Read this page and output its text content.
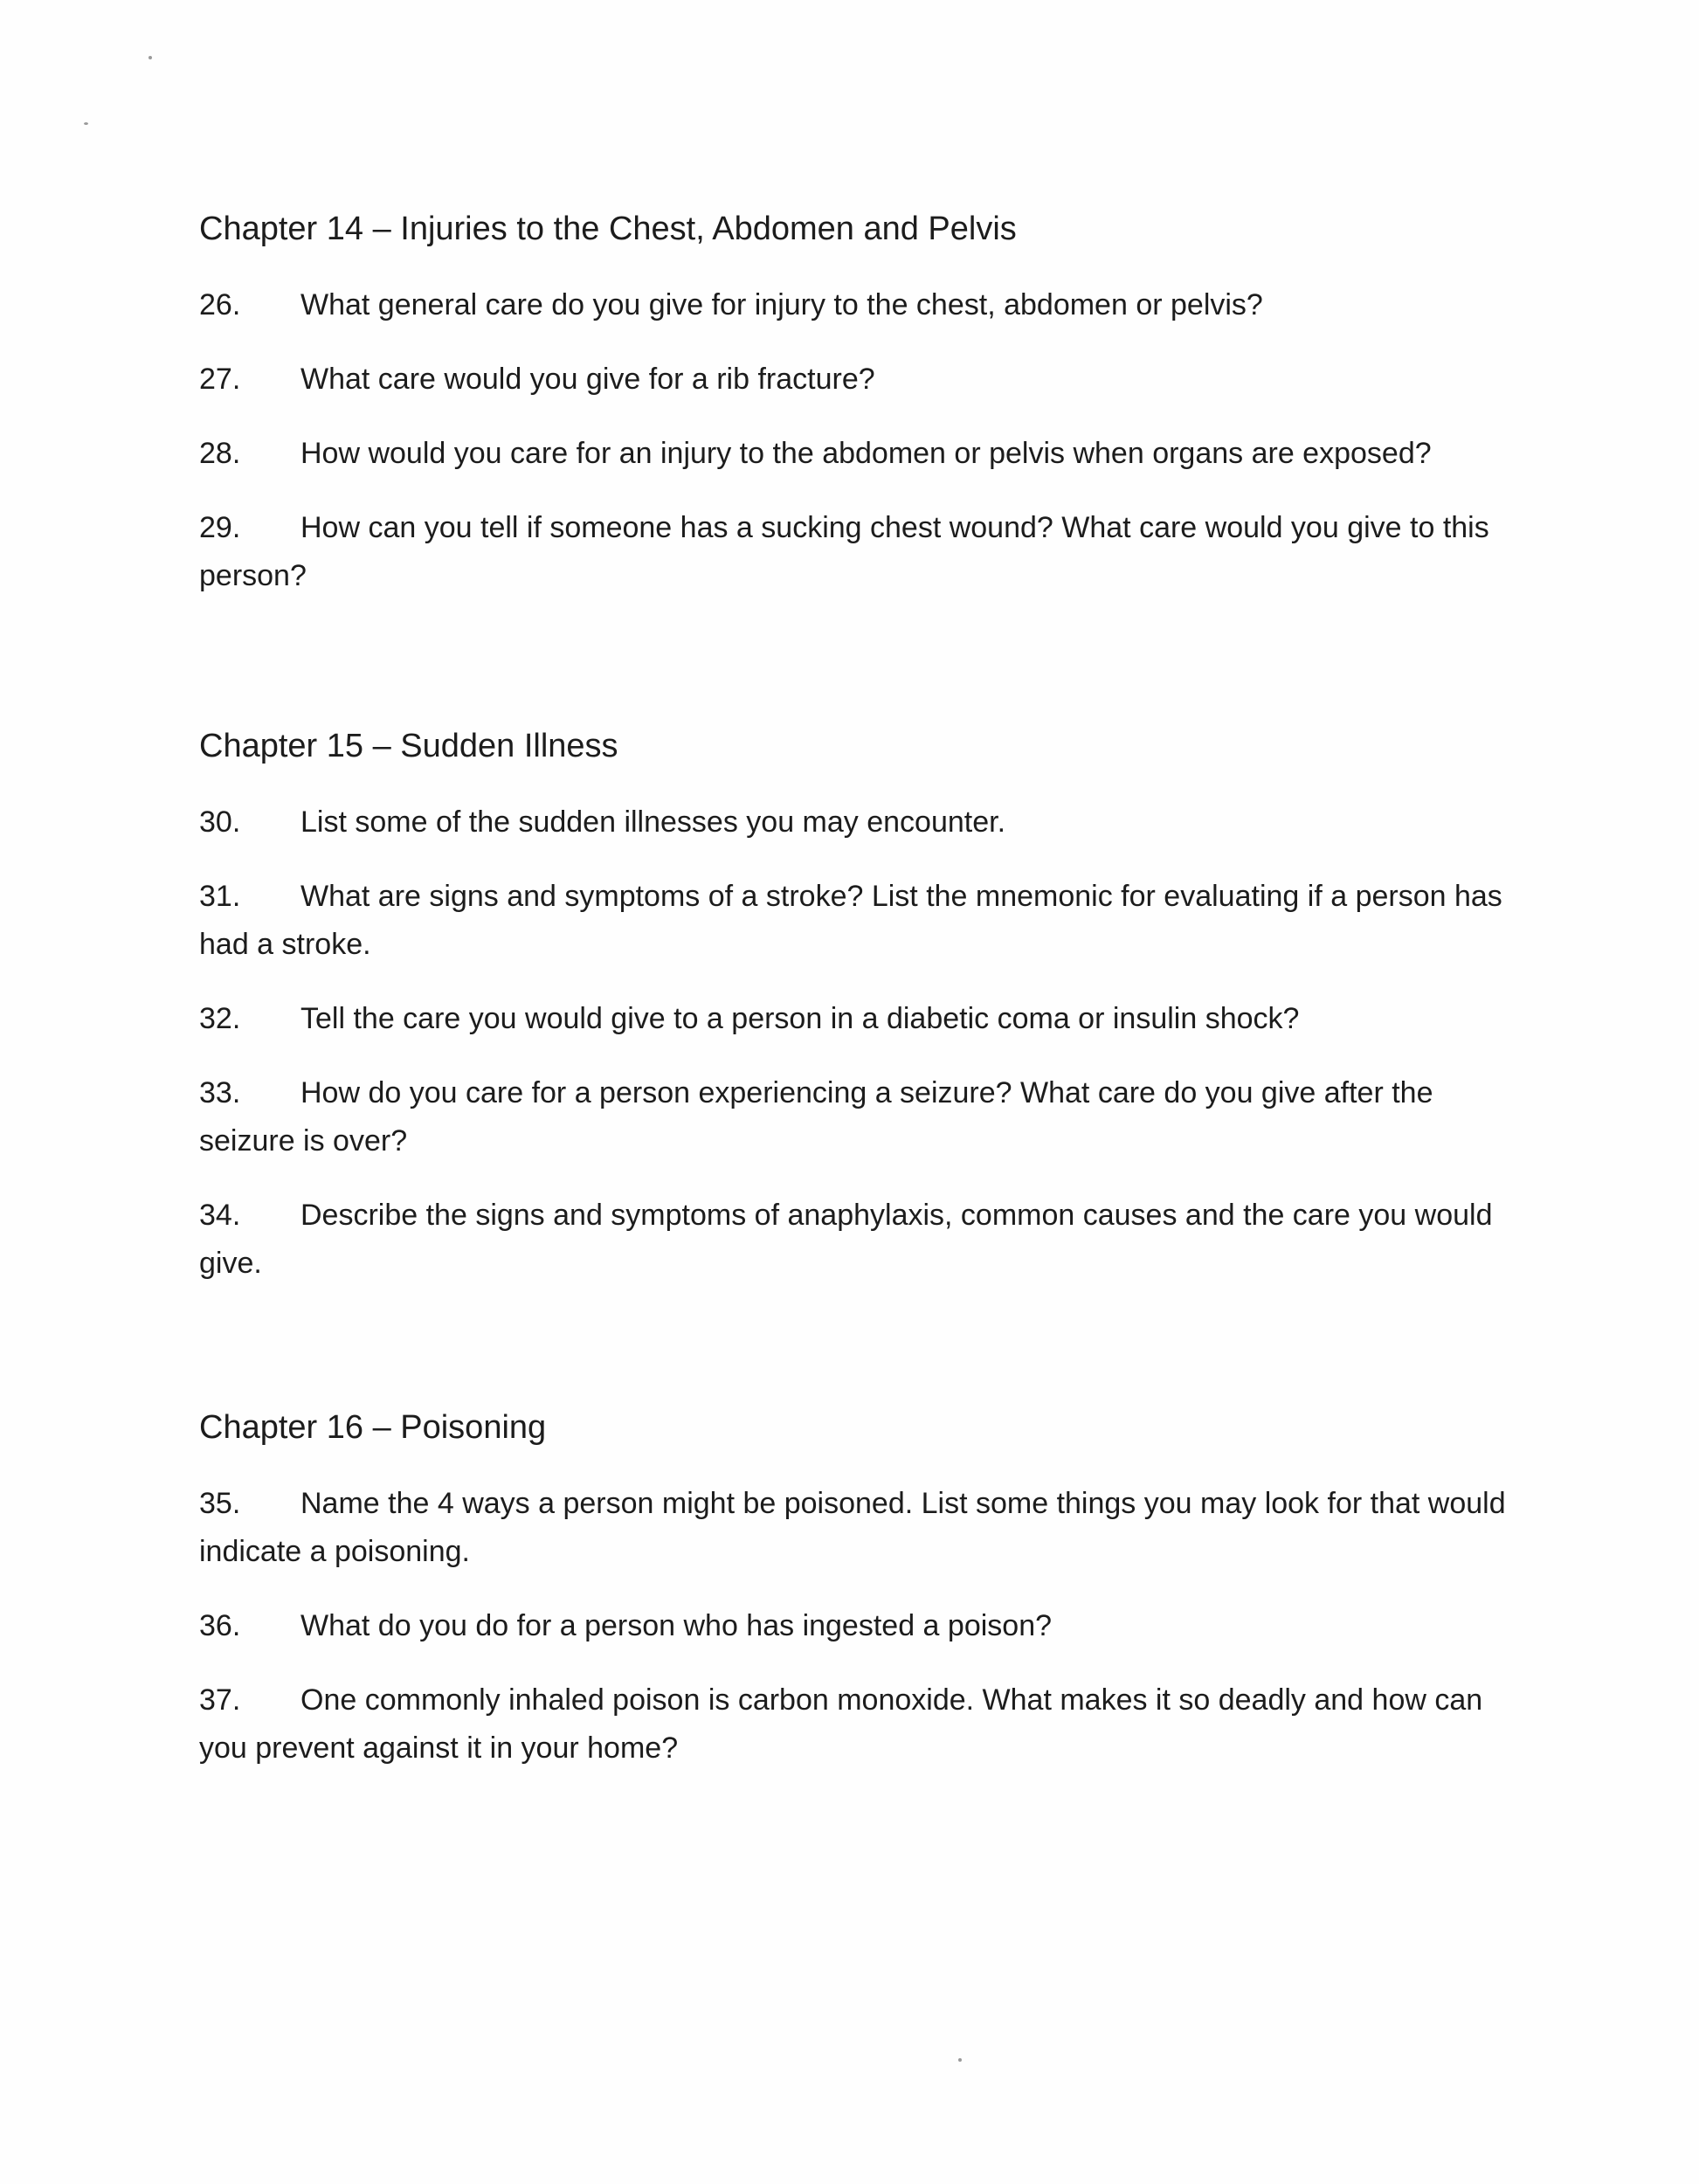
Chapter 14 – Injuries to the Chest, Abdomen and Pelvis

26. What general care do you give for injury to the chest, abdomen or pelvis?

27. What care would you give for a rib fracture?

28. How would you care for an injury to the abdomen or pelvis when organs are exposed?

29. How can you tell if someone has a sucking chest wound? What care would you give to this person?

Chapter 15 – Sudden Illness

30. List some of the sudden illnesses you may encounter.

31. What are signs and symptoms of a stroke? List the mnemonic for evaluating if a person has had a stroke.

32. Tell the care you would give to a person in a diabetic coma or insulin shock?

33. How do you care for a person experiencing a seizure? What care do you give after the seizure is over?

34. Describe the signs and symptoms of anaphylaxis, common causes and the care you would give.

Chapter 16 – Poisoning

35. Name the 4 ways a person might be poisoned. List some things you may look for that would indicate a poisoning.

36. What do you do for a person who has ingested a poison?

37. One commonly inhaled poison is carbon monoxide. What makes it so deadly and how can you prevent against it in your home?
